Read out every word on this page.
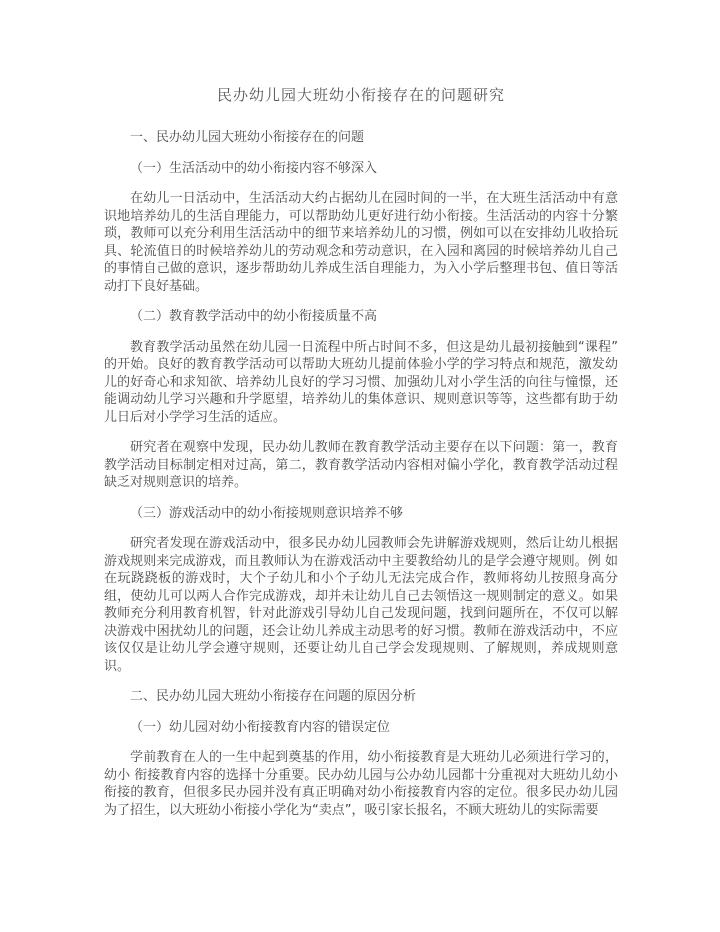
民办幼儿园大班幼小衔接存在的问题研究
一、民办幼儿园大班幼小衔接存在的问题
（一）生活活动中的幼小衔接内容不够深入
在幼儿一日活动中，生活活动大约占据幼儿在园时间的一半，在大班生活活动中有意 识地培养幼儿的生活自理能力，可以帮助幼儿更好进行幼小衔接。生活活动的内容十分繁 琐，教师可以充分利用生活活动中的细节来培养幼儿的习惯，例如可以在安排幼儿收拾玩 具、轮流值日的时候培养幼儿的劳动观念和劳动意识，在入园和离园的时候培养幼儿自己 的事情自己做的意识，逐步帮助幼儿养成生活自理能力，为入小学后整理书包、值日等活 动打下良好基础。
（二）教育教学活动中的幼小衔接质量不高
教育教学活动虽然在幼儿园一日流程中所占时间不多，但这是幼儿最初接触到“课程” 的开始。良好的教育教学活动可以帮助大班幼儿提前体验小学的学习特点和规范，激发幼 儿的好奇心和求知欲、培养幼儿良好的学习习惯、加强幼儿对小学生活的向往与憧憬，还 能调动幼儿学习兴趣和升学愿望，培养幼儿的集体意识、规则意识等等，这些都有助于幼 儿日后对小学学习生活的适应。
研究者在观察中发现，民办幼儿教师在教育教学活动主要存在以下问题：第一，教育 教学活动目标制定相对过高，第二，教育教学活动内容相对偏小学化，教育教学活动过程 缺乏对规则意识的培养。
（三）游戏活动中的幼小衔接规则意识培养不够
研究者发现在游戏活动中，很多民办幼儿园教师会先讲解游戏规则，然后让幼儿根据 游戏规则来完成游戏，而且教师认为在游戏活动中主要教给幼儿的是学会遵守规则。例 如在玩跷跷板的游戏时，大个子幼儿和小个子幼儿无法完成合作，教师将幼儿按照身高分 组，使幼儿可以两人合作完成游戏，却并未让幼儿自己去领悟这一规则制定的意义。如果 教师充分利用教育机智，针对此游戏引导幼儿自己发现问题，找到问题所在，不仅可以解 决游戏中困扰幼儿的问题，还会让幼儿养成主动思考的好习惯。教师在游戏活动中，不应 该仅仅是让幼儿学会遵守规则，还要让幼儿自己学会发现规则、了解规则，养成规则意识。
二、民办幼儿园大班幼小衔接存在问题的原因分析
（一）幼儿园对幼小衔接教育内容的错误定位
学前教育在人的一生中起到奠基的作用，幼小衔接教育是大班幼儿必须进行学习的， 幼小 衔接教育内容的选择十分重要。民办幼儿园与公办幼儿园都十分重视对大班幼儿幼小 衔接的教育，但很多民办园并没有真正明确对幼小衔接教育内容的定位。很多民办幼儿园 为了招生，以大班幼小衔接小学化为“卖点”，吸引家长报名，不顾大班幼儿的实际需要
